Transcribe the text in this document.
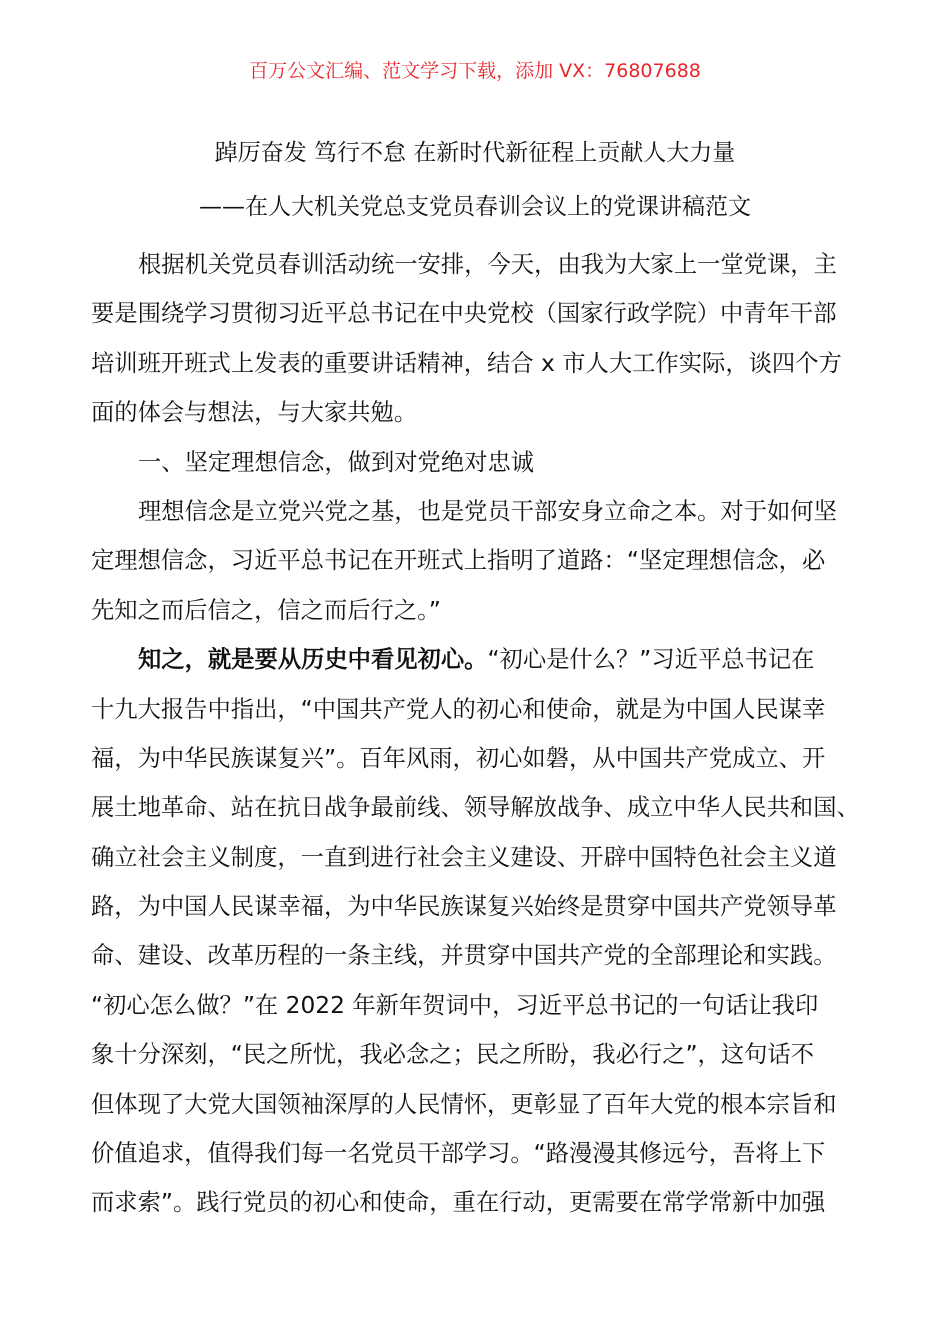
百万公文汇编、范文学习下载，添加 VX：76807688
踔厉奋发 笃行不怠 在新时代新征程上贡献人大力量
——在人大机关党总支党员春训会议上的党课讲稿范文
根据机关党员春训活动统一安排，今天，由我为大家上一堂党课，主
要是围绕学习贯彻习近平总书记在中央党校（国家行政学院）中青年干部
培训班开班式上发表的重要讲话精神，结合 x 市人大工作实际，谈四个方
面的体会与想法，与大家共勉。
一、坚定理想信念，做到对党绝对忠诚
理想信念是立党兴党之基，也是党员干部安身立命之本。对于如何坚
定理想信念，习近平总书记在开班式上指明了道路：“坚定理想信念，必
先知之而后信之，信之而后行之。”
知之，就是要从历史中看见初心。“初心是什么？”习近平总书记在
十九大报告中指出，“中国共产党人的初心和使命，就是为中国人民谋幸
福，为中华民族谋复兴”。百年风雨，初心如磐，从中国共产党成立、开
展土地革命、站在抗日战争最前线、领导解放战争、成立中华人民共和国、
确立社会主义制度，一直到进行社会主义建设、开辟中国特色社会主义道
路，为中国人民谋幸福，为中华民族谋复兴始终是贯穿中国共产党领导革
命、建设、改革历程的一条主线，并贯穿中国共产党的全部理论和实践。
“初心怎么做？”在 2022 年新年贺词中，习近平总书记的一句话让我印
象十分深刻，“民之所忧，我必念之；民之所盼，我必行之”，这句话不
但体现了大党大国领袖深厚的人民情怀，更彰显了百年大党的根本宗旨和
价值追求，值得我们每一名党员干部学习。“路漫漫其修远兮，吾将上下
而求索”。践行党员的初心和使命，重在行动，更需要在常学常新中加强
